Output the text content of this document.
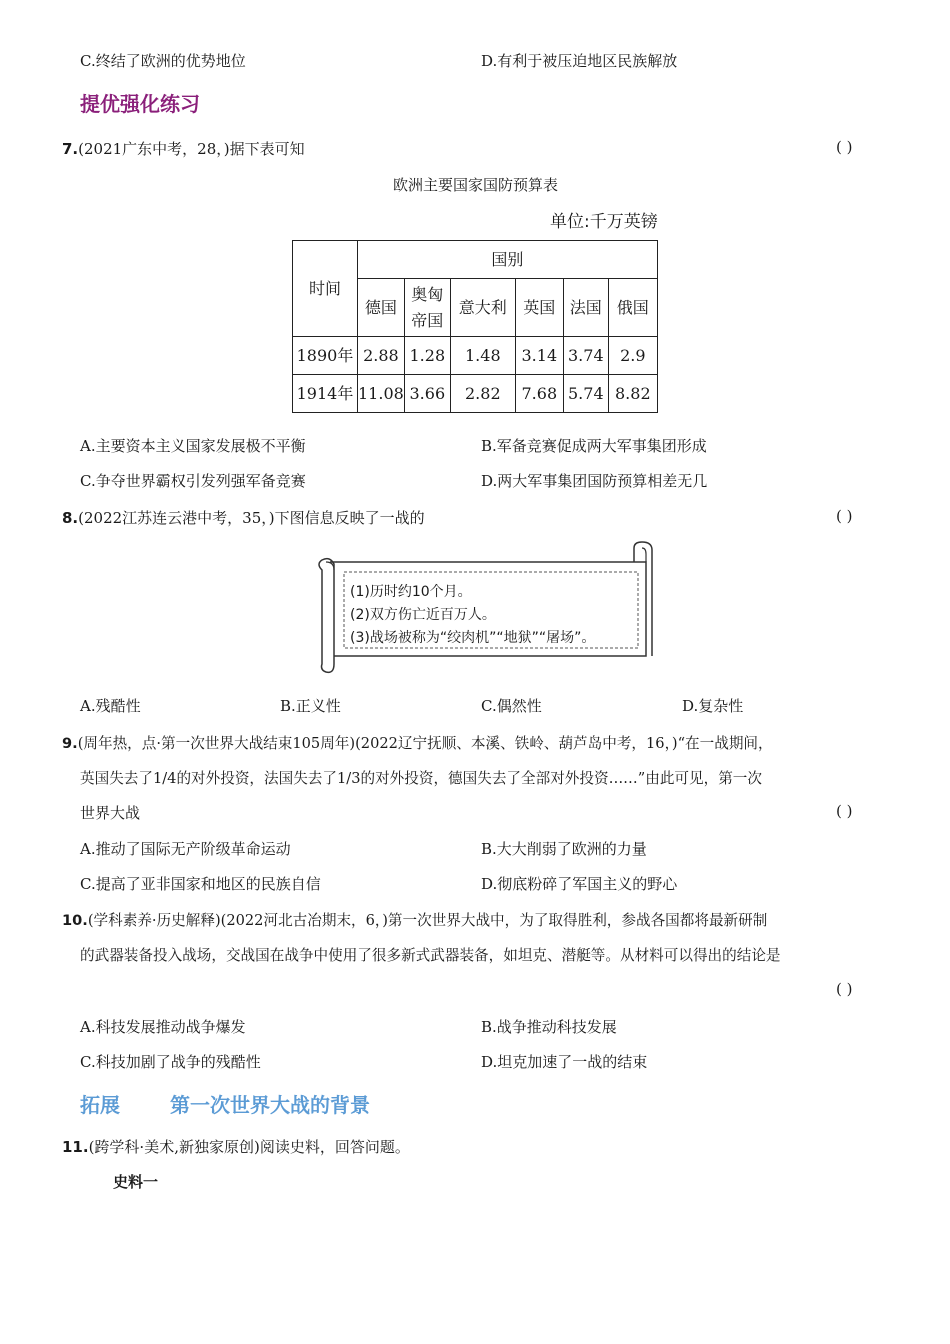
C.终结了欧洲的优势地位	D.有利于被压迫地区民族解放
提优强化练习
7.(2021广东中考，28，)据下表可知	( )
欧洲主要国家国防预算表
单位:千万英镑
时间	国别					
	德国	奥匈帝国	意大利	英国	法国	俄国
1890年	2.88	1.28	1.48	3.14	3.74	2.9
1914年	11.08	3.66	2.82	7.68	5.74	8.82
A.主要资本主义国家发展极不平衡	B.军备竞赛促成两大军事集团形成
C.争夺世界霸权引发列强军备竞赛	D.两大军事集团国防预算相差无几
8.(2022江苏连云港中考，35，)下图信息反映了一战的	( )
(1)历时约10个月。
(2)双方伤亡近百万人。
(3)战场被称为“绞肉机”“地狱”“屠场”。
A.残酷性	B.正义性	C.偶然性	D.复杂性
9.(周年热，点·第一次世界大战结束105周年)(2022辽宁抚顺、本溪、铁岭、葫芦岛中考，16，)“在一战期间，
英国失去了1/4的对外投资，法国失去了1/3的对外投资，德国失去了全部对外投资……”由此可见，第一次
世界大战	( )
A.推动了国际无产阶级革命运动	B.大大削弱了欧洲的力量
C.提高了亚非国家和地区的民族自信	D.彻底粉碎了军国主义的野心
10.(学科素养·历史解释)(2022河北古冶期末，6，)第一次世界大战中，为了取得胜利，参战各国都将最新研制
的武器装备投入战场，交战国在战争中使用了很多新式武器装备，如坦克、潜艇等。从材料可以得出的结论是
( )
A.科技发展推动战争爆发	B.战争推动科技发展
C.科技加剧了战争的残酷性	D.坦克加速了一战的结束
拓展	第一次世界大战的背景
11.(跨学科·美术,新独家原创)阅读史料，回答问题。
史料一
